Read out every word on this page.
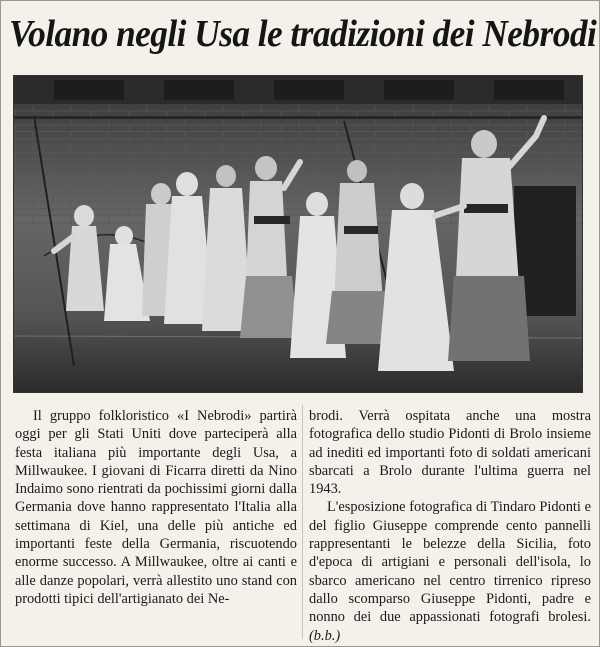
Volano negli Usa le tradizioni dei Nebrodi

Il gruppo folkloristico «I Nebrodi» partirà oggi per gli Stati Uniti dove parteciperà alla festa italiana più importante degli Usa, a Millwaukee. I giovani di Ficarra diretti da Nino Indaimo sono rientrati da pochissimi giorni dalla Germania dove hanno rappresentato l'Italia alla settimana di Kiel, una delle più antiche ed importanti feste della Germania, riscuotendo enorme successo. A Millwaukee, oltre ai canti e alle danze popolari, verrà allestito uno stand con prodotti tipici dell'artigianato dei Ne-

brodi. Verrà ospitata anche una mostra fotografica dello studio Pidonti di Brolo insieme ad inediti ed importanti foto di soldati americani sbarcati a Brolo durante l'ultima guerra nel 1943.

L'esposizione fotografica di Tindaro Pidonti e del figlio Giuseppe comprende cento pannelli rappresentanti le belezze della Sicilia, foto d'epoca di artigiani e personali dell'isola, lo sbarco americano nel centro tirrenico ripreso dallo scomparso Giuseppe Pidonti, padre e nonno dei due appassionati fotografi brolesi. (b.b.)
